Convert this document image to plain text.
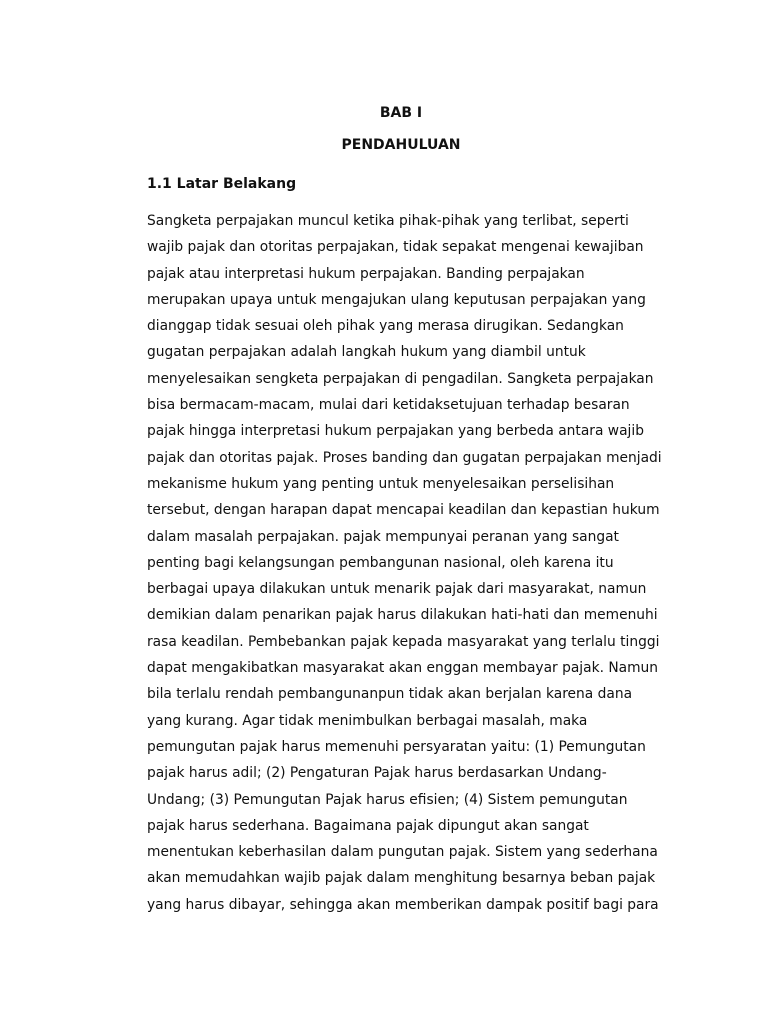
BAB I
PENDAHULUAN
1.1 Latar Belakang
Sangketa perpajakan muncul ketika pihak-pihak yang terlibat, seperti
wajib pajak dan otoritas perpajakan, tidak sepakat mengenai kewajiban
pajak atau interpretasi hukum perpajakan. Banding perpajakan
merupakan upaya untuk mengajukan ulang keputusan perpajakan yang
dianggap tidak sesuai oleh pihak yang merasa dirugikan. Sedangkan
gugatan perpajakan adalah langkah hukum yang diambil untuk
menyelesaikan sengketa perpajakan di pengadilan. Sangketa perpajakan
bisa bermacam-macam, mulai dari ketidaksetujuan terhadap besaran
pajak hingga interpretasi hukum perpajakan yang berbeda antara wajib
pajak dan otoritas pajak. Proses banding dan gugatan perpajakan menjadi
mekanisme hukum yang penting untuk menyelesaikan perselisihan
tersebut, dengan harapan dapat mencapai keadilan dan kepastian hukum
dalam masalah perpajakan. pajak mempunyai peranan yang sangat
penting bagi kelangsungan pembangunan nasional, oleh karena itu
berbagai upaya dilakukan untuk menarik pajak dari masyarakat, namun
demikian dalam penarikan pajak harus dilakukan hati-hati dan memenuhi
rasa keadilan. Pembebankan pajak kepada masyarakat yang terlalu tinggi
dapat mengakibatkan masyarakat akan enggan membayar pajak. Namun
bila terlalu rendah pembangunanpun tidak akan berjalan karena dana
yang kurang. Agar tidak menimbulkan berbagai masalah, maka
pemungutan pajak harus memenuhi persyaratan yaitu: (1) Pemungutan
pajak harus adil; (2) Pengaturan Pajak harus berdasarkan Undang-
Undang; (3) Pemungutan Pajak harus efisien; (4) Sistem pemungutan
pajak harus sederhana. Bagaimana pajak dipungut akan sangat
menentukan keberhasilan dalam pungutan pajak. Sistem yang sederhana
akan memudahkan wajib pajak dalam menghitung besarnya beban pajak
yang harus dibayar, sehingga akan memberikan dampak positif bagi para
